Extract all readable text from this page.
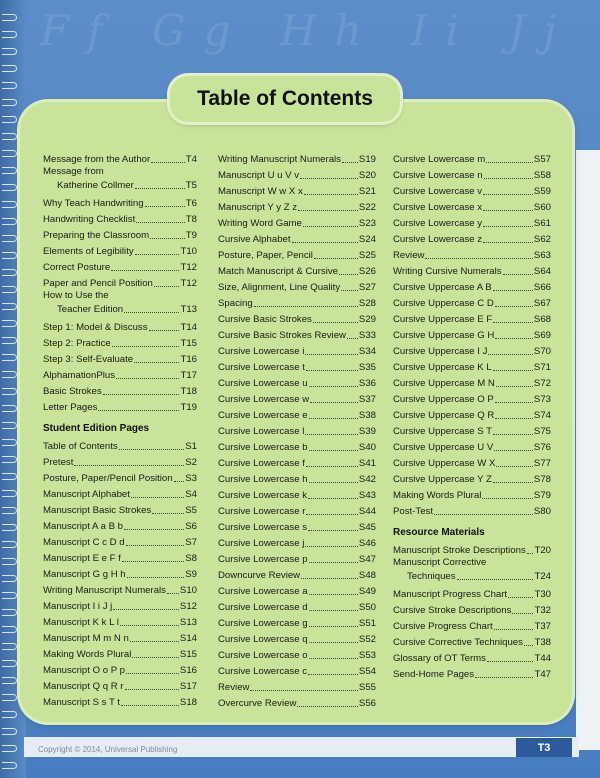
Ff Gg Hh Ii Jj
Table of Contents
Message from the Author	T4
Message from
Katherine Collmer	T5
Why Teach Handwriting	T6
Handwriting Checklist	T8
Preparing the Classroom	T9
Elements of Legibility	T10
Correct Posture	T12
Paper and Pencil Position	T12
How to Use the
Teacher Edition	T13
Step 1: Model & Discuss	T14
Step 2: Practice	T15
Step 3: Self-Evaluate	T16
AlphamationPlus	T17
Basic Strokes	T18
Letter Pages	T19
Student Edition Pages
Table of Contents	S1
Pretest	S2
Posture, Paper/Pencil Position S3
Manuscript Alphabet	S4
Manuscript Basic Strokes	S5
Manuscript A a B b	S6
Manuscript C c D d	S7
Manuscript E e F f	S8
Manuscript G g H h	S9
Writing Manuscript Numerals S10
Manuscript I i J j	S12
Manuscript K k L l	S13
Manuscript M m N n	S14
Making Words Plural	S15
Manuscript O o P p	S16
Manuscript Q q R r	S17
Manuscript S s T t	S18
Writing Manuscript Numerals S19
Manuscript U u V v	S20
Manuscript W w X x	S21
Manuscript Y y Z z	S22
Writing Word Game	S23
Cursive Alphabet	S24
Posture, Paper, Pencil	S25
Match Manuscript & Cursive S26
Size, Alignment, Line Quality S27
Spacing	S28
Cursive Basic Strokes	S29
Cursive Basic Strokes Review S33
Cursive Lowercase i	S34
Cursive Lowercase t	S35
Cursive Lowercase u	S36
Cursive Lowercase w	S37
Cursive Lowercase e	S38
Cursive Lowercase l	S39
Cursive Lowercase b	S40
Cursive Lowercase f	S41
Cursive Lowercase h	S42
Cursive Lowercase k	S43
Cursive Lowercase r	S44
Cursive Lowercase s	S45
Cursive Lowercase j	S46
Cursive Lowercase p	S47
Downcurve Review	S48
Cursive Lowercase a	S49
Cursive Lowercase d	S50
Cursive Lowercase g	S51
Cursive Lowercase q	S52
Cursive Lowercase o	S53
Cursive Lowercase c	S54
Review	S55
Overcurve Review	S56
Cursive Lowercase m	S57
Cursive Lowercase n	S58
Cursive Lowercase v	S59
Cursive Lowercase x	S60
Cursive Lowercase y	S61
Cursive Lowercase z	S62
Review	S63
Writing Cursive Numerals	S64
Cursive Uppercase A B	S66
Cursive Uppercase C D	S67
Cursive Uppercase E F	S68
Cursive Uppercase G H	S69
Cursive Uppercase I J	S70
Cursive Uppercase K L	S71
Cursive Uppercase M N	S72
Cursive Uppercase O P	S73
Cursive Uppercase Q R	S74
Cursive Uppercase S T	S75
Cursive Uppercase U V	S76
Cursive Uppercase W X	S77
Cursive Uppercase Y Z	S78
Making Words Plural	S79
Post-Test	S80
Resource Materials
Manuscript Stroke Descriptions T20
Manuscript Corrective
Techniques	T24
Manuscript Progress Chart	T30
Cursive Stroke Descriptions T32
Cursive Progress Chart	T37
Cursive Corrective Techniques T38
Glossary of OT Terms	T44
Send-Home Pages	T47
Copyright © 2014, Universal Publishing	T3
